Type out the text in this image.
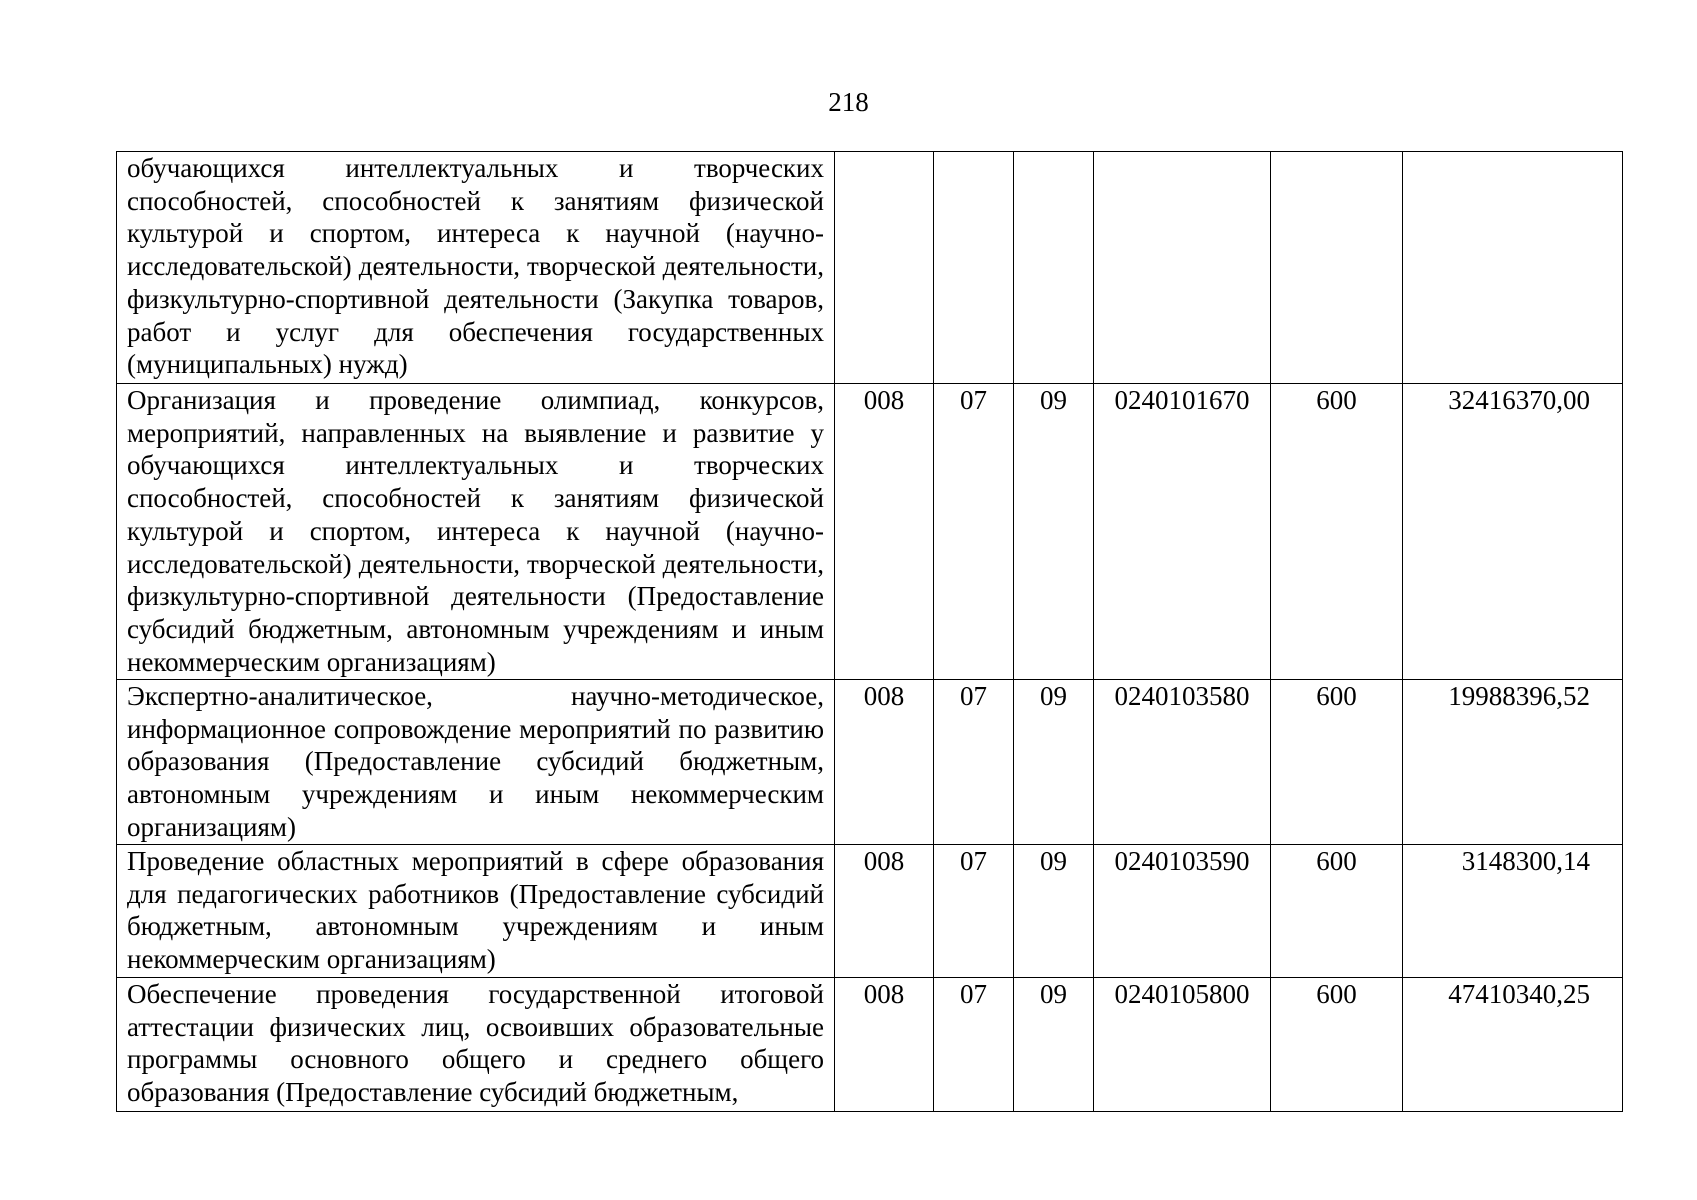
218
обучающихся интеллектуальных и творческих способностей, способностей к занятиям физической культурой и спортом, интереса к научной (научно-исследовательской) деятельности, творческой деятельности, физкультурно-спортивной деятельности (Закупка товаров, работ и услуг для обеспечения государственных (муниципальных) нужд)						

Организация и проведение олимпиад, конкурсов, мероприятий, направленных на выявление и развитие у обучающихся интеллектуальных и творческих способностей, способностей к занятиям физической культурой и спортом, интереса к научной (научно-исследовательской) деятельности, творческой деятельности, физкультурно-спортивной деятельности (Предоставление субсидий бюджетным, автономным учреждениям и иным некоммерческим организациям)	008	07	09	0240101670	600	32416370,00

Экспертно-аналитическое, научно-методическое, информационное сопровождение мероприятий по развитию образования (Предоставление субсидий бюджетным, автономным учреждениям и иным некоммерческим организациям)	008	07	09	0240103580	600	19988396,52

Проведение областных мероприятий в сфере образования для педагогических работников (Предоставление субсидий бюджетным, автономным учреждениям и иным некоммерческим организациям)	008	07	09	0240103590	600	3148300,14

Обеспечение проведения государственной итоговой аттестации физических лиц, освоивших образовательные программы основного общего и среднего общего образования (Предоставление субсидий бюджетным,	008	07	09	0240105800	600	47410340,25
